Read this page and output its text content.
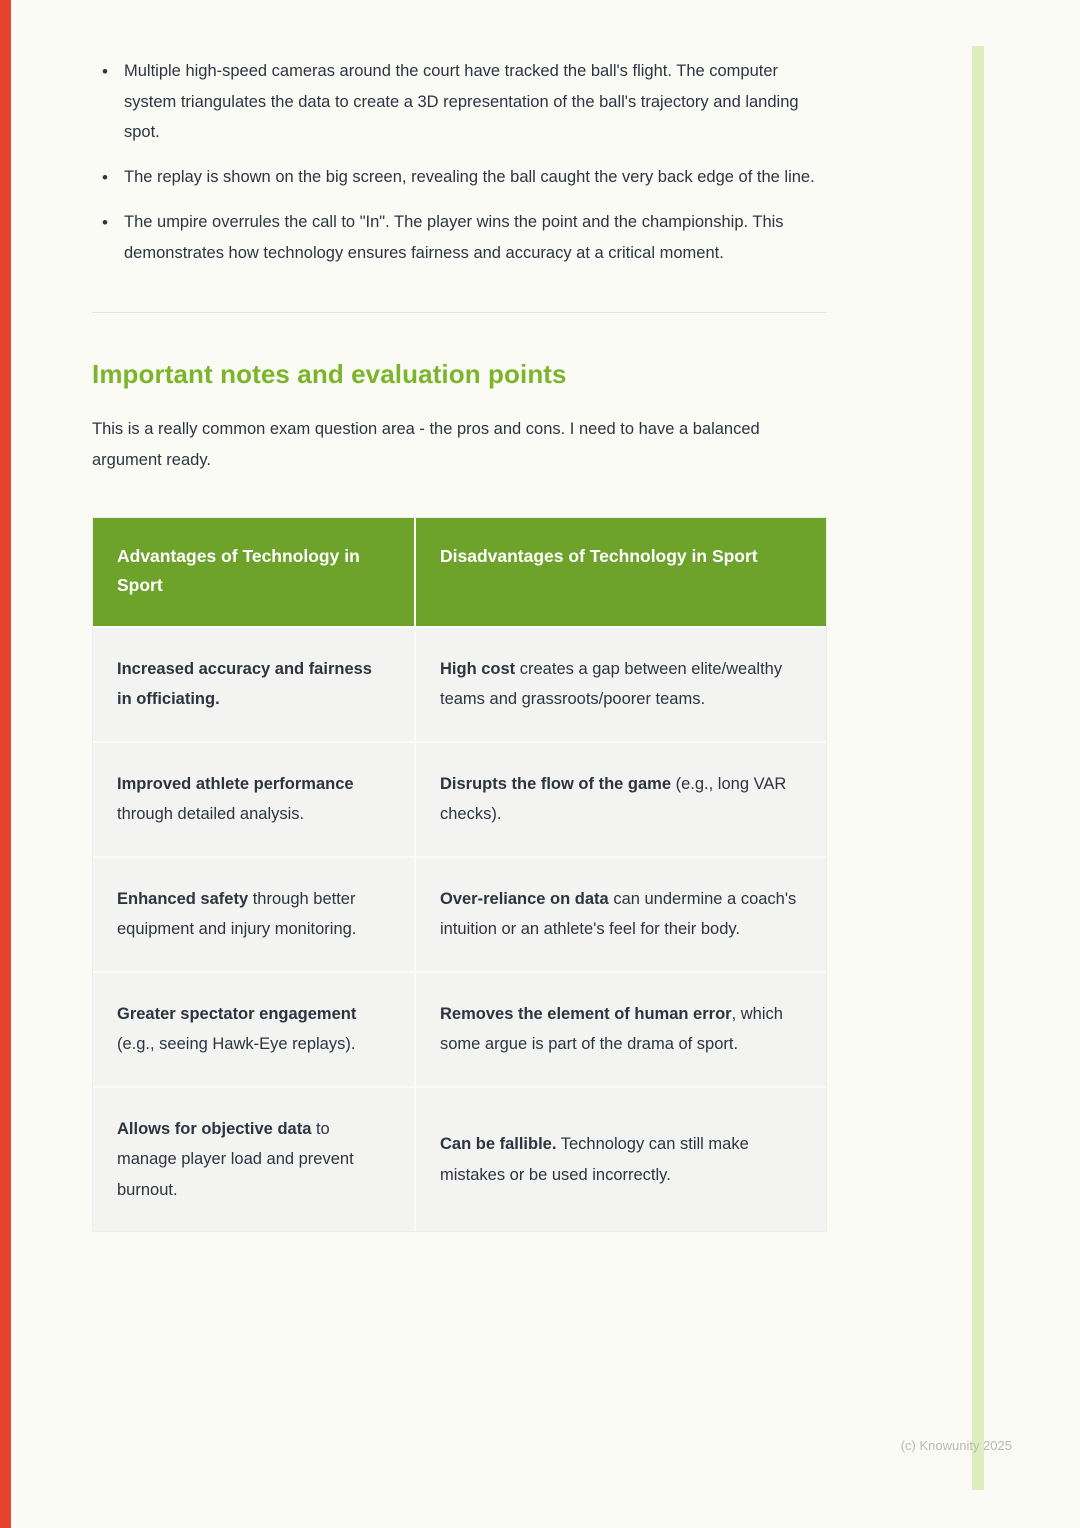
• Multiple high-speed cameras around the court have tracked the ball's flight. The computer system triangulates the data to create a 3D representation of the ball's trajectory and landing spot.
• The replay is shown on the big screen, revealing the ball caught the very back edge of the line.
• The umpire overrules the call to "In". The player wins the point and the championship. This demonstrates how technology ensures fairness and accuracy at a critical moment.
Important notes and evaluation points

This is a really common exam question area - the pros and cons. I need to have a balanced argument ready.

Advantages of Technology in Sport
Disadvantages of Technology in Sport
Increased accuracy and fairness in officiating.
High cost creates a gap between elite/wealthy teams and grassroots/poorer teams.
Improved athlete performance through detailed analysis.
Disrupts the flow of the game (e.g., long VAR checks).
Enhanced safety through better equipment and injury monitoring.
Over-reliance on data can undermine a coach's intuition or an athlete's feel for their body.
Greater spectator engagement (e.g., seeing Hawk-Eye replays).
Removes the element of human error, which some argue is part of the drama of sport.
Allows for objective data to manage player load and prevent burnout.
Can be fallible. Technology can still make mistakes or be used incorrectly.
(c) Knowunity 2025
